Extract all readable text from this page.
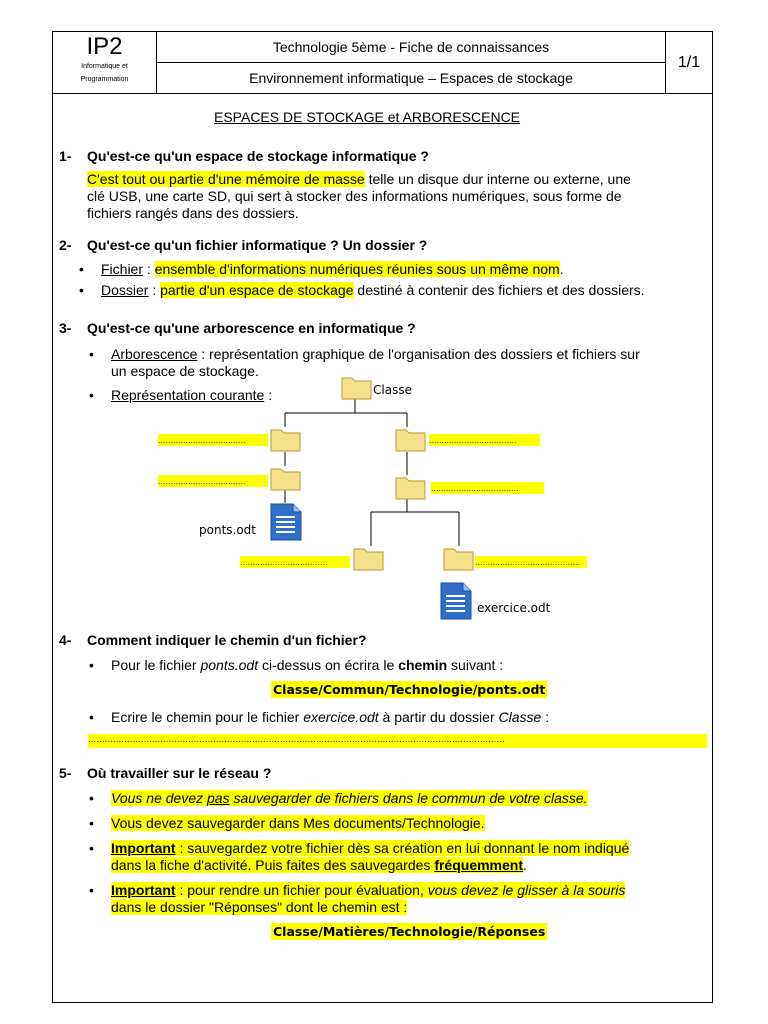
IP2
Informatique et
Programmation
Technologie 5ème - Fiche de connaissances
Environnement informatique – Espaces de stockage
1/1
ESPACES DE STOCKAGE et ARBORESCENCE
1- Qu'est-ce qu'un espace de stockage informatique ?
C'est tout ou partie d'une mémoire de masse telle un disque dur interne ou externe, une
clé USB, une carte SD, qui sert à stocker des informations numériques, sous forme de
fichiers rangés dans des dossiers.
2- Qu'est-ce qu'un fichier informatique ? Un dossier ?
• Fichier : ensemble d'informations numériques réunies sous un même nom.
• Dossier : partie d'un espace de stockage destiné à contenir des fichiers et des dossiers.
3- Qu'est-ce qu'une arborescence en informatique ?
• Arborescence : représentation graphique de l'organisation des dossiers et fichiers sur
un espace de stockage.
• Représentation courante :	Classe
ponts.odt
exercice.odt
...................................
...................................
...................................
...................................
...................................	..........................................
4- Comment indiquer le chemin d'un fichier?
• Pour le fichier ponts.odt ci-dessus on écrira le chemin suivant :
Classe/Commun/Technologie/ponts.odt
• Ecrire le chemin pour le fichier exercice.odt à partir du dossier Classe :
......................................................................................................................................................
5- Où travailler sur le réseau ?
• Vous ne devez pas sauvegarder de fichiers dans le commun de votre classe.
• Vous devez sauvegarder dans Mes documents/Technologie.
• Important : sauvegardez votre fichier dès sa création en lui donnant le nom indiqué
dans la fiche d'activité. Puis faites des sauvegardes fréquemment.
• Important : pour rendre un fichier pour évaluation, vous devez le glisser à la souris
dans le dossier "Réponses" dont le chemin est :
Classe/Matières/Technologie/Réponses
